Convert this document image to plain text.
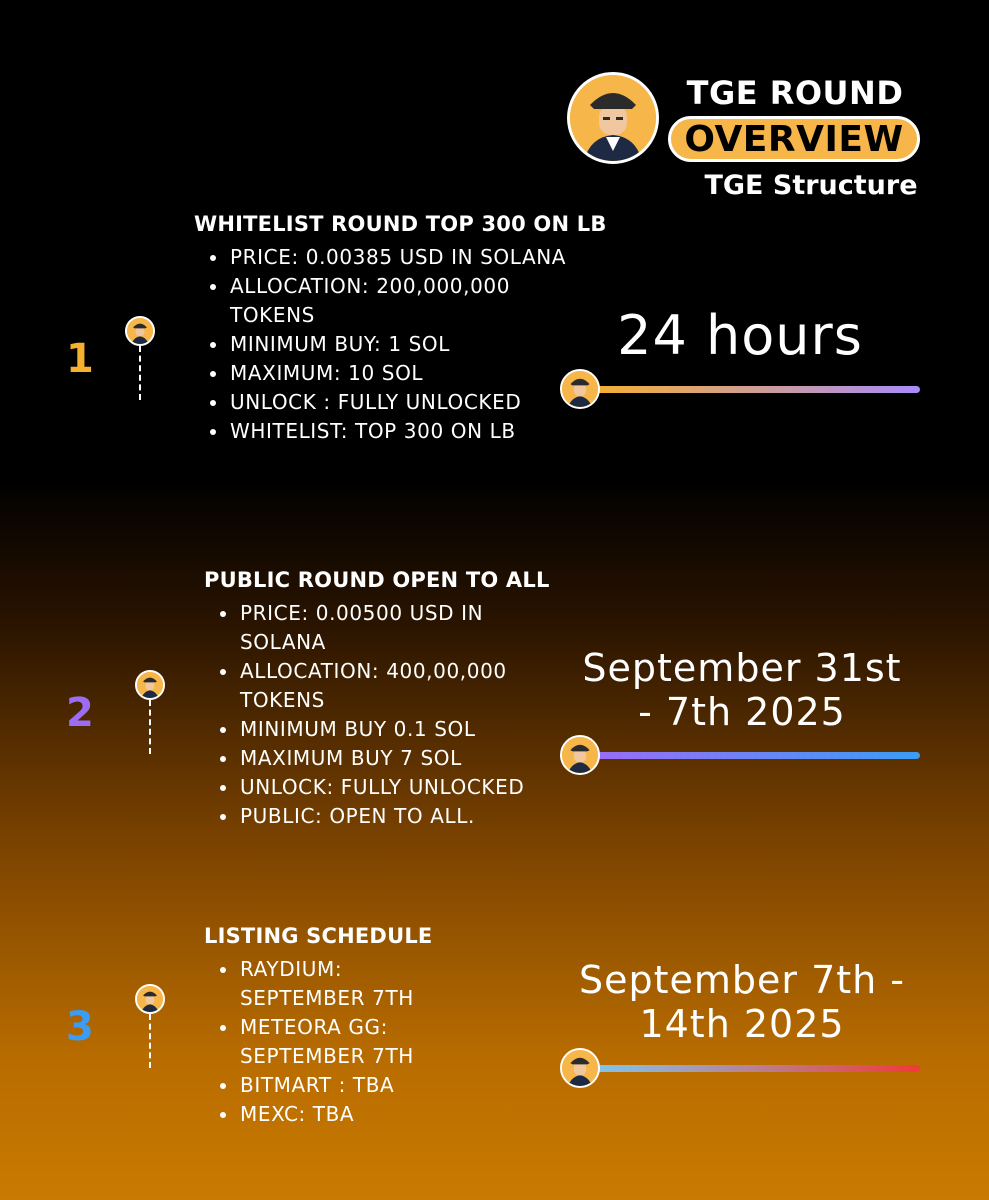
TGE ROUND
OVERVIEW
TGE Structure
1
WHITELIST ROUND TOP 300 ON LB
PRICE: 0.00385 USD IN SOLANA
ALLOCATION: 200,000,000 TOKENS
MINIMUM BUY: 1 SOL
MAXIMUM: 10 SOL
UNLOCK : FULLY UNLOCKED
WHITELIST: TOP 300 ON LB
24 hours
2
PUBLIC ROUND OPEN TO ALL
PRICE: 0.00500 USD IN SOLANA
ALLOCATION: 400,00,000 TOKENS
MINIMUM BUY 0.1 SOL
MAXIMUM BUY 7 SOL
UNLOCK: FULLY UNLOCKED
PUBLIC: OPEN TO ALL.
September 31st - 7th 2025
3
LISTING SCHEDULE
RAYDIUM: SEPTEMBER 7TH
METEORA GG: SEPTEMBER 7TH
BITMART : TBA
MEXC: TBA
September 7th - 14th 2025
